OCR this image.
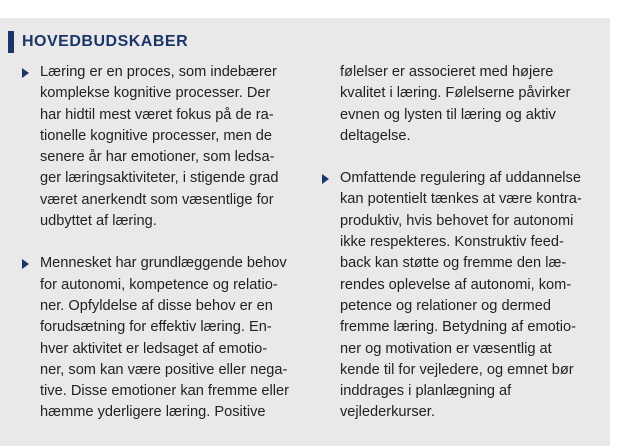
HOVEDBUDSKABER
Læring er en proces, som indebærer
komplekse kognitive processer. Der
har hidtil mest været fokus på de ra-
tionelle kognitive processer, men de
senere år har emotioner, som ledsa-
ger læringsaktiviteter, i stigende grad
været anerkendt som væsentlige for
udbyttet af læring.
Mennesket har grundlæggende behov
for autonomi, kompetence og relatio-
ner. Opfyldelse af disse behov er en
forudsætning for effektiv læring. En-
hver aktivitet er ledsaget af emotio-
ner, som kan være positive eller nega-
tive. Disse emotioner kan fremme eller
hæmme yderligere læring. Positive
følelser er associeret med højere
kvalitet i læring. Følelserne påvirker
evnen og lysten til læring og aktiv
deltagelse.
Omfattende regulering af uddannelse
kan potentielt tænkes at være kontra-
produktiv, hvis behovet for autonomi
ikke respekteres. Konstruktiv feed-
back kan støtte og fremme den læ-
rendes oplevelse af autonomi, kom-
petence og relationer og dermed
fremme læring. Betydning af emotio-
ner og motivation er væsentlig at
kende til for vejledere, og emnet bør
inddrages i planlægning af
vejlederkurser.
